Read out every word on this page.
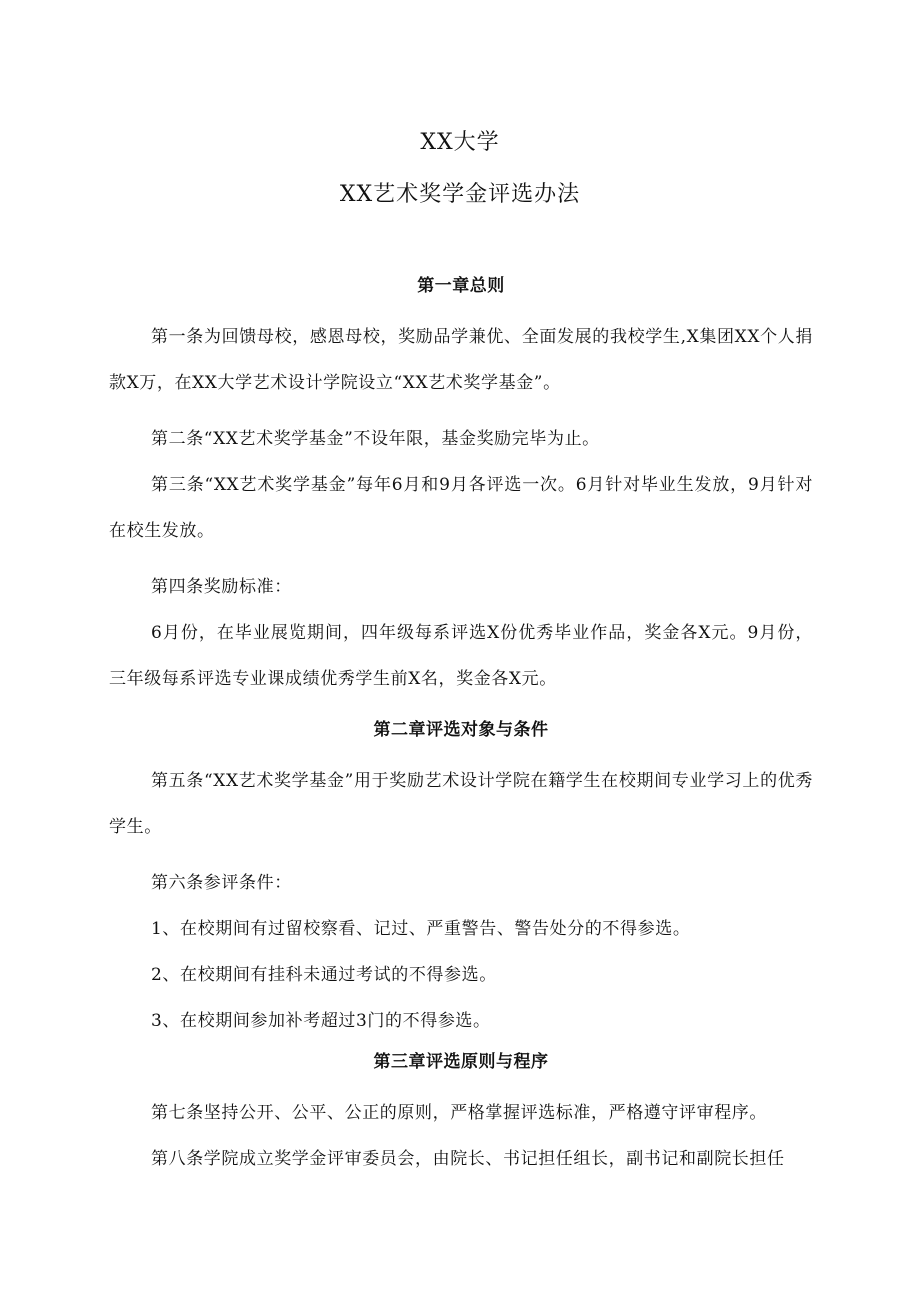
XX大学
XX艺术奖学金评选办法
第一章总则

第一条为回馈母校，感恩母校，奖励品学兼优、全面发展的我校学生,X集团XX个人捐款X万，在XX大学艺术设计学院设立“XX艺术奖学基金”。

第二条“XX艺术奖学基金”不设年限，基金奖励完毕为止。

第三条“XX艺术奖学基金”每年6月和9月各评选一次。6月针对毕业生发放，9月针对在校生发放。

第四条奖励标准：

6月份，在毕业展览期间，四年级每系评选X份优秀毕业作品，奖金各X元。9月份，三年级每系评选专业课成绩优秀学生前X名，奖金各X元。

第二章评选对象与条件

第五条“XX艺术奖学基金”用于奖励艺术设计学院在籍学生在校期间专业学习上的优秀学生。

第六条参评条件：

1、在校期间有过留校察看、记过、严重警告、警告处分的不得参选。

2、在校期间有挂科未通过考试的不得参选。

3、在校期间参加补考超过3门的不得参选。

第三章评选原则与程序

第七条坚持公开、公平、公正的原则，严格掌握评选标准，严格遵守评审程序。

第八条学院成立奖学金评审委员会，由院长、书记担任组长，副书记和副院长担任
